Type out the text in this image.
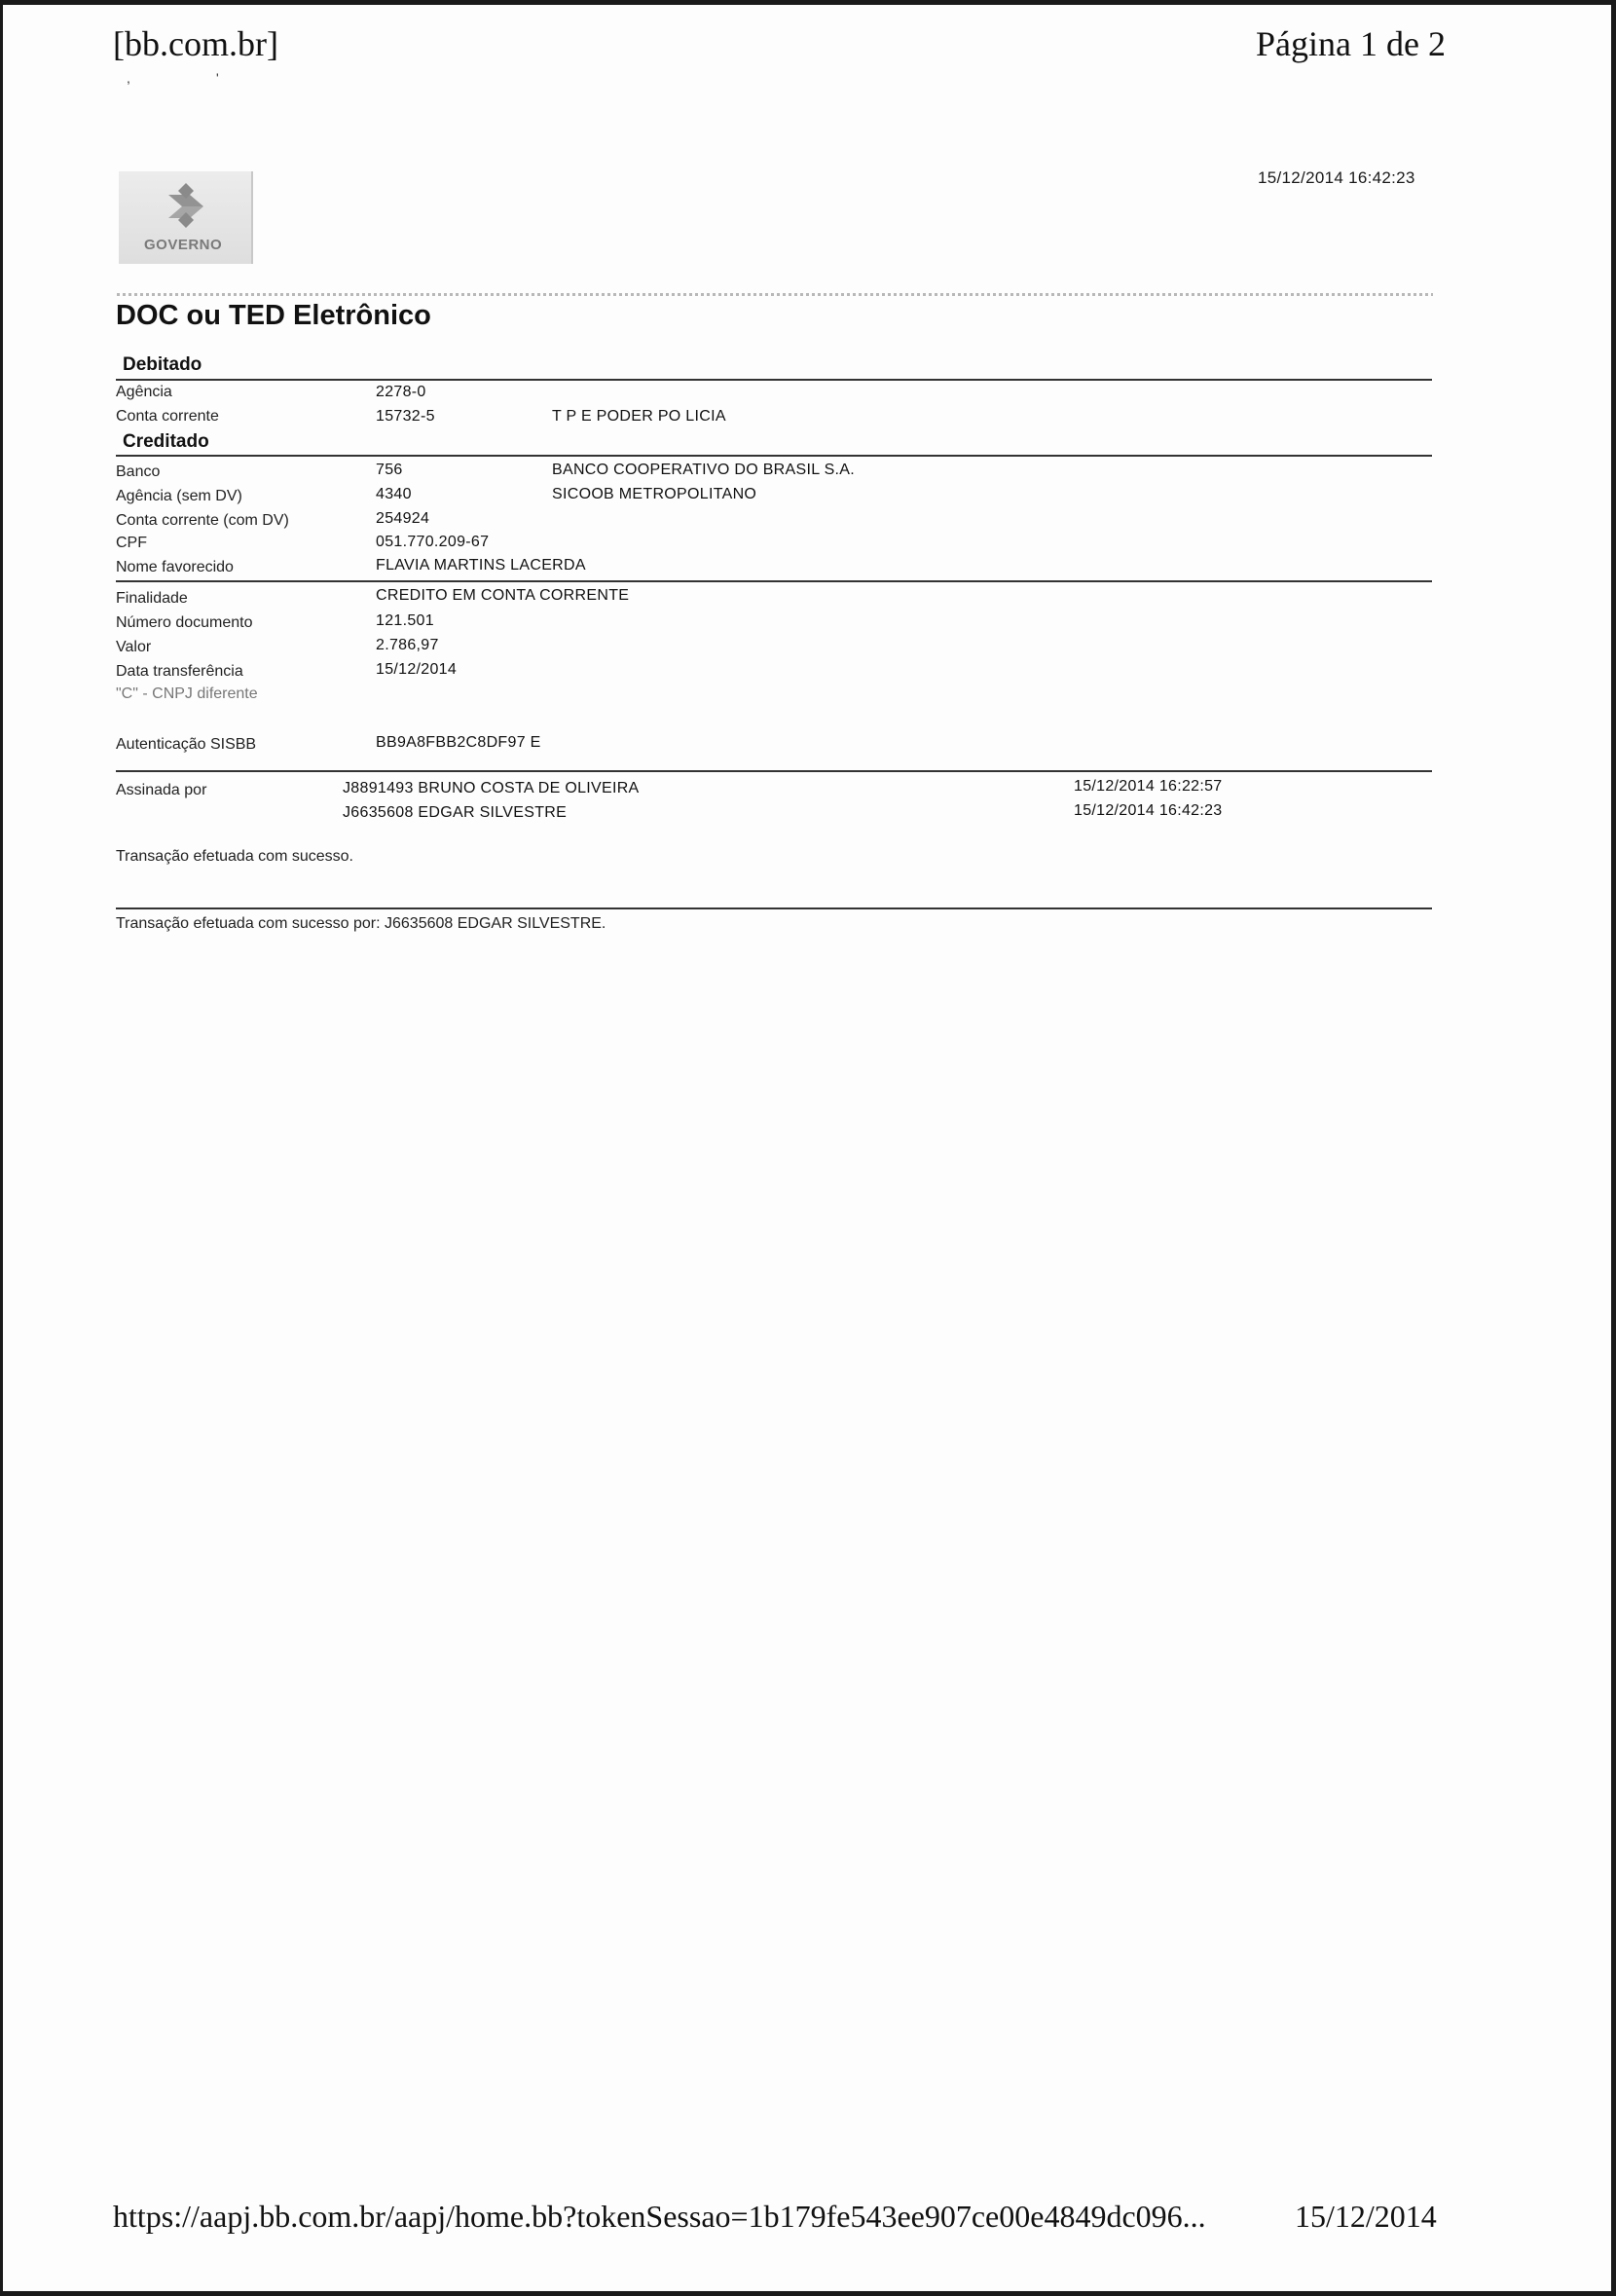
[bb.com.br]	Página 1 de 2
,	'
15/12/2014 16:42:23
GOVERNO
DOC ou TED Eletrônico
Debitado
Agência	2278-0
Conta corrente	15732-5	T P E PODER PO LICIA
Creditado
Banco	756	BANCO COOPERATIVO DO BRASIL S.A.
Agência (sem DV)	4340	SICOOB METROPOLITANO
Conta corrente (com DV)	254924
CPF	051.770.209-67
Nome favorecido	FLAVIA MARTINS LACERDA
Finalidade	CREDITO EM CONTA CORRENTE
Número documento	121.501
Valor	2.786,97
Data transferência	15/12/2014
"C" - CNPJ diferente
Autenticação SISBB	BB9A8FBB2C8DF97 E
Assinada por	J8891493 BRUNO COSTA DE OLIVEIRA	15/12/2014 16:22:57
J6635608 EDGAR SILVESTRE	15/12/2014 16:42:23
Transação efetuada com sucesso.
Transação efetuada com sucesso por: J6635608 EDGAR SILVESTRE.
https://aapj.bb.com.br/aapj/home.bb?tokenSessao=1b179fe543ee907ce00e4849dc096...	15/12/2014
